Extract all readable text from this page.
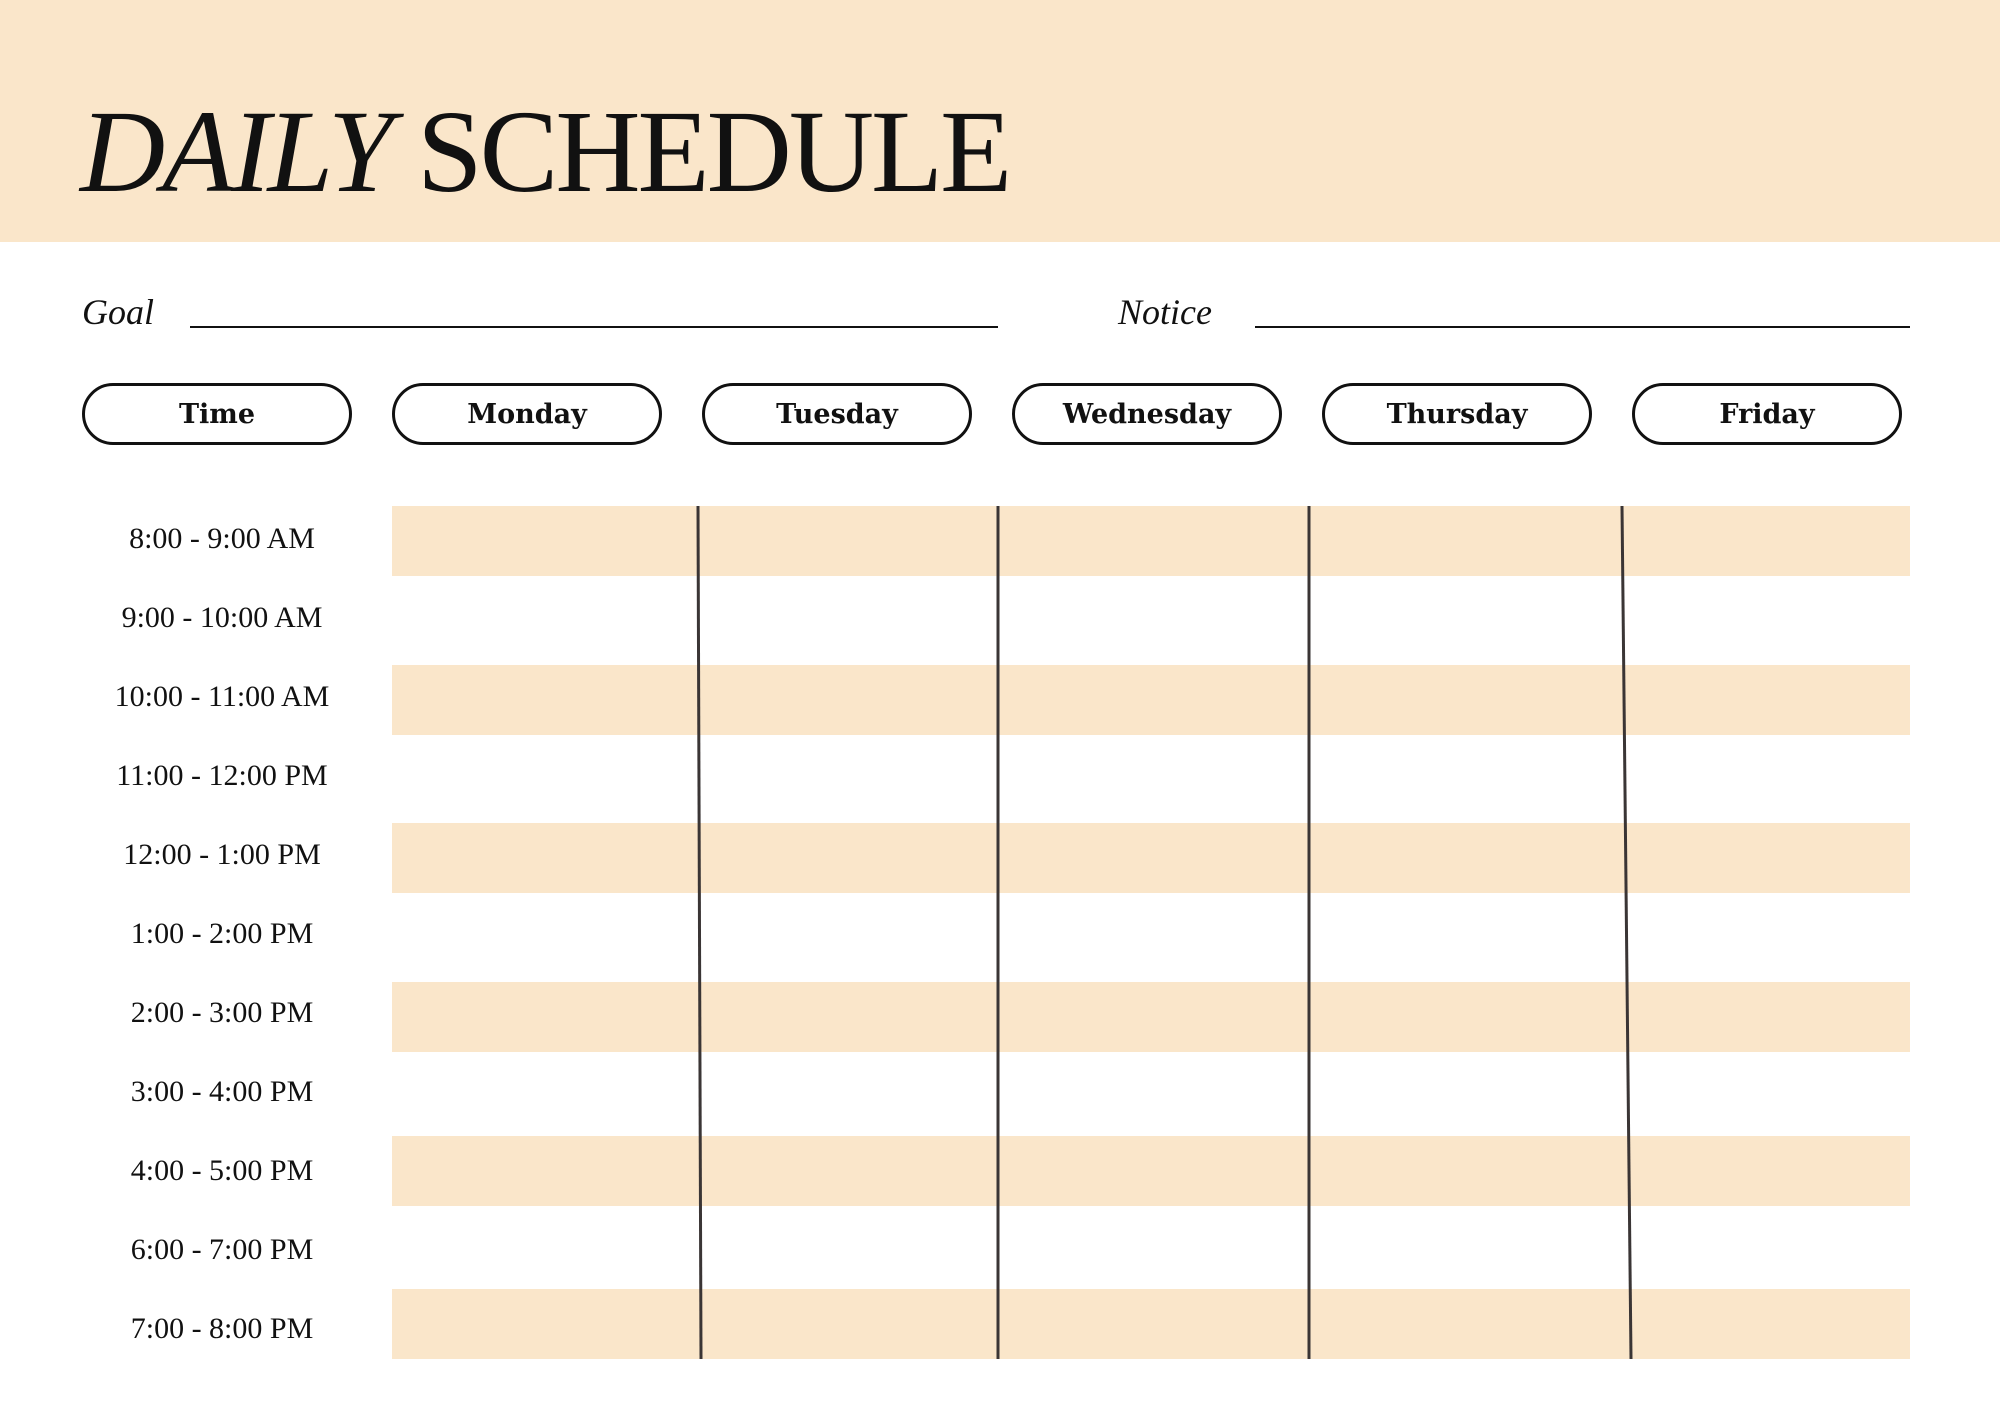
DAILY SCHEDULE
Goal	Notice
Time	Monday	Tuesday	Wednesday	Thursday	Friday
8:00 - 9:00 AM
9:00 - 10:00 AM
10:00 - 11:00 AM
11:00 - 12:00 PM
12:00 - 1:00 PM
1:00 - 2:00 PM
2:00 - 3:00 PM
3:00 - 4:00 PM
4:00 - 5:00 PM
6:00 - 7:00 PM
7:00 - 8:00 PM
